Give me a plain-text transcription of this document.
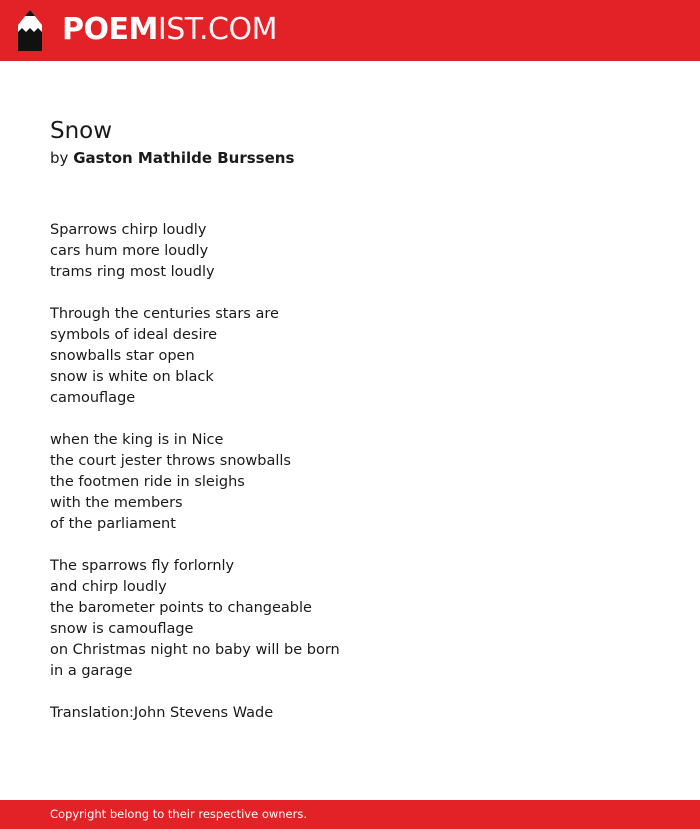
POEMIST.COM
Snow

by Gaston Mathilde Burssens

Sparrows chirp loudly
cars hum more loudly
trams ring most loudly
Through the centuries stars are
symbols of ideal desire
snowballs star open
snow is white on black
camouflage
when the king is in Nice
the court jester throws snowballs
the footmen ride in sleighs
with the members
of the parliament
The sparrows fly forlornly
and chirp loudly
the barometer points to changeable
snow is camouflage
on Christmas night no baby will be born
in a garage
Translation:John Stevens Wade
Copyright belong to their respective owners.
